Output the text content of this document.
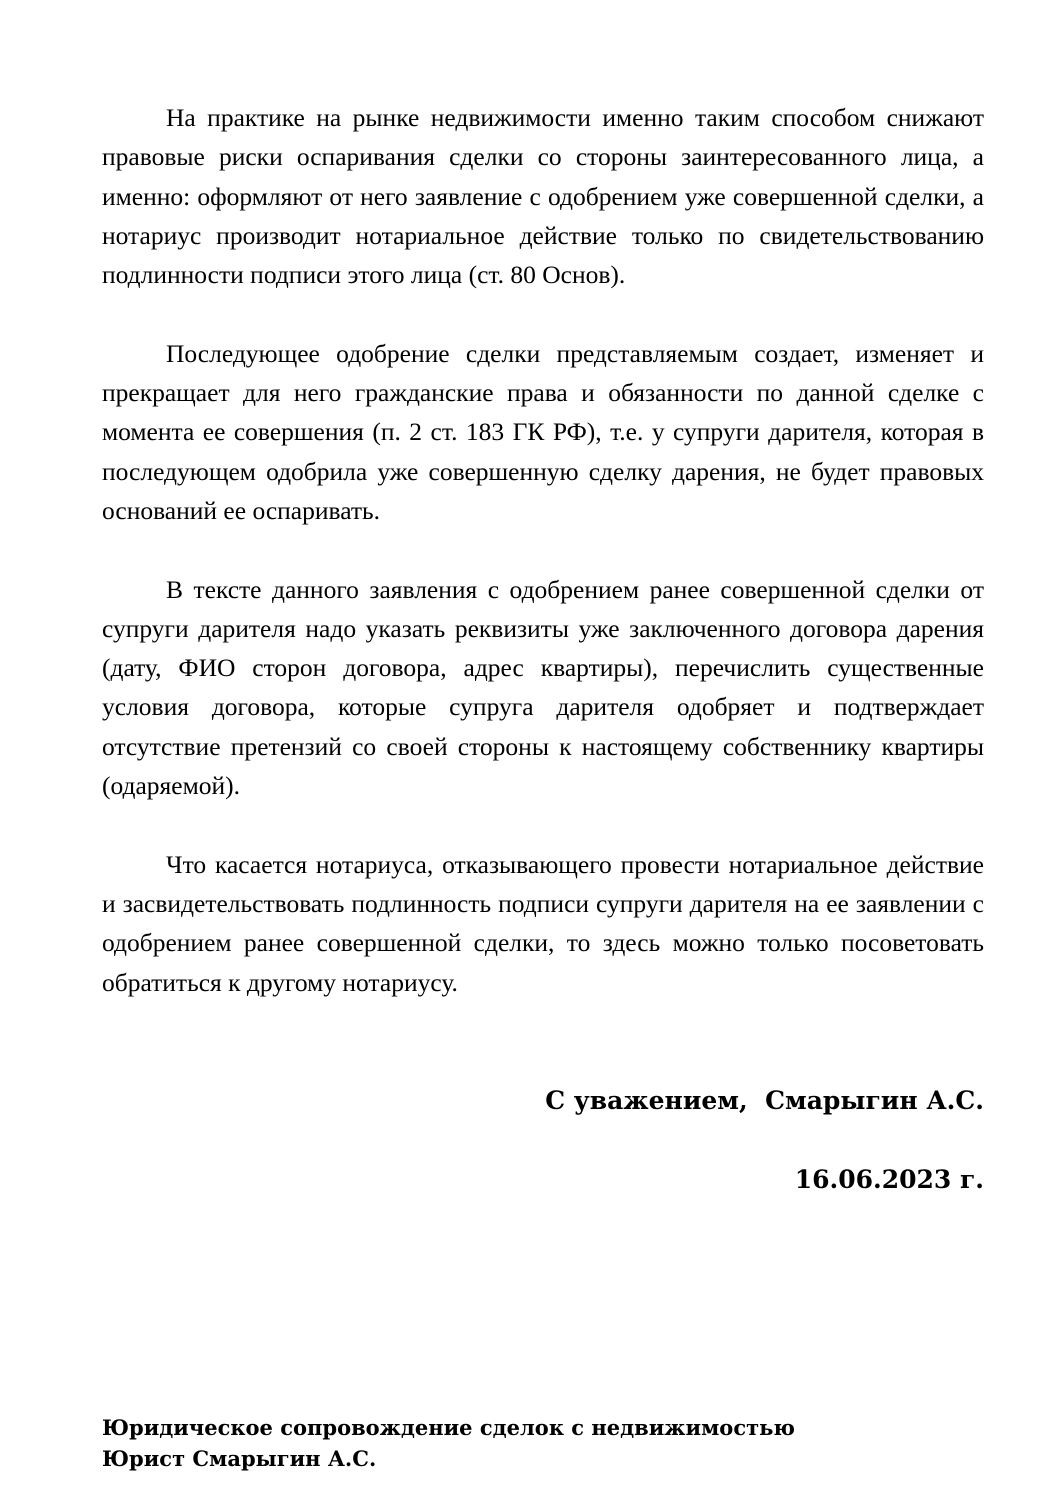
На практике на рынке недвижимости именно таким способом снижают правовые риски оспаривания сделки со стороны заинтересованного лица, а именно: оформляют от него заявление с одобрением уже совершенной сделки, а нотариус производит нотариальное действие только по свидетельствованию подлинности подписи этого лица (ст. 80 Основ).

Последующее одобрение сделки представляемым создает, изменяет и прекращает для него гражданские права и обязанности по данной сделке с момента ее совершения (п. 2 ст. 183 ГК РФ), т.е. у супруги дарителя, которая в последующем одобрила уже совершенную сделку дарения, не будет правовых оснований ее оспаривать.

В тексте данного заявления с одобрением ранее совершенной сделки от супруги дарителя надо указать реквизиты уже заключенного договора дарения (дату, ФИО сторон договора, адрес квартиры), перечислить существенные условия договора, которые супруга дарителя одобряет и подтверждает отсутствие претензий со своей стороны к настоящему собственнику квартиры (одаряемой).

Что касается нотариуса, отказывающего провести нотариальное действие и засвидетельствовать подлинность подписи супруги дарителя на ее заявлении с одобрением ранее совершенной сделки, то здесь можно только посоветовать обратиться к другому нотариусу.

С уважением,  Смарыгин А.С.
16.06.2023 г.
Юридическое сопровождение сделок с недвижимостью
Юрист Смарыгин А.С.
